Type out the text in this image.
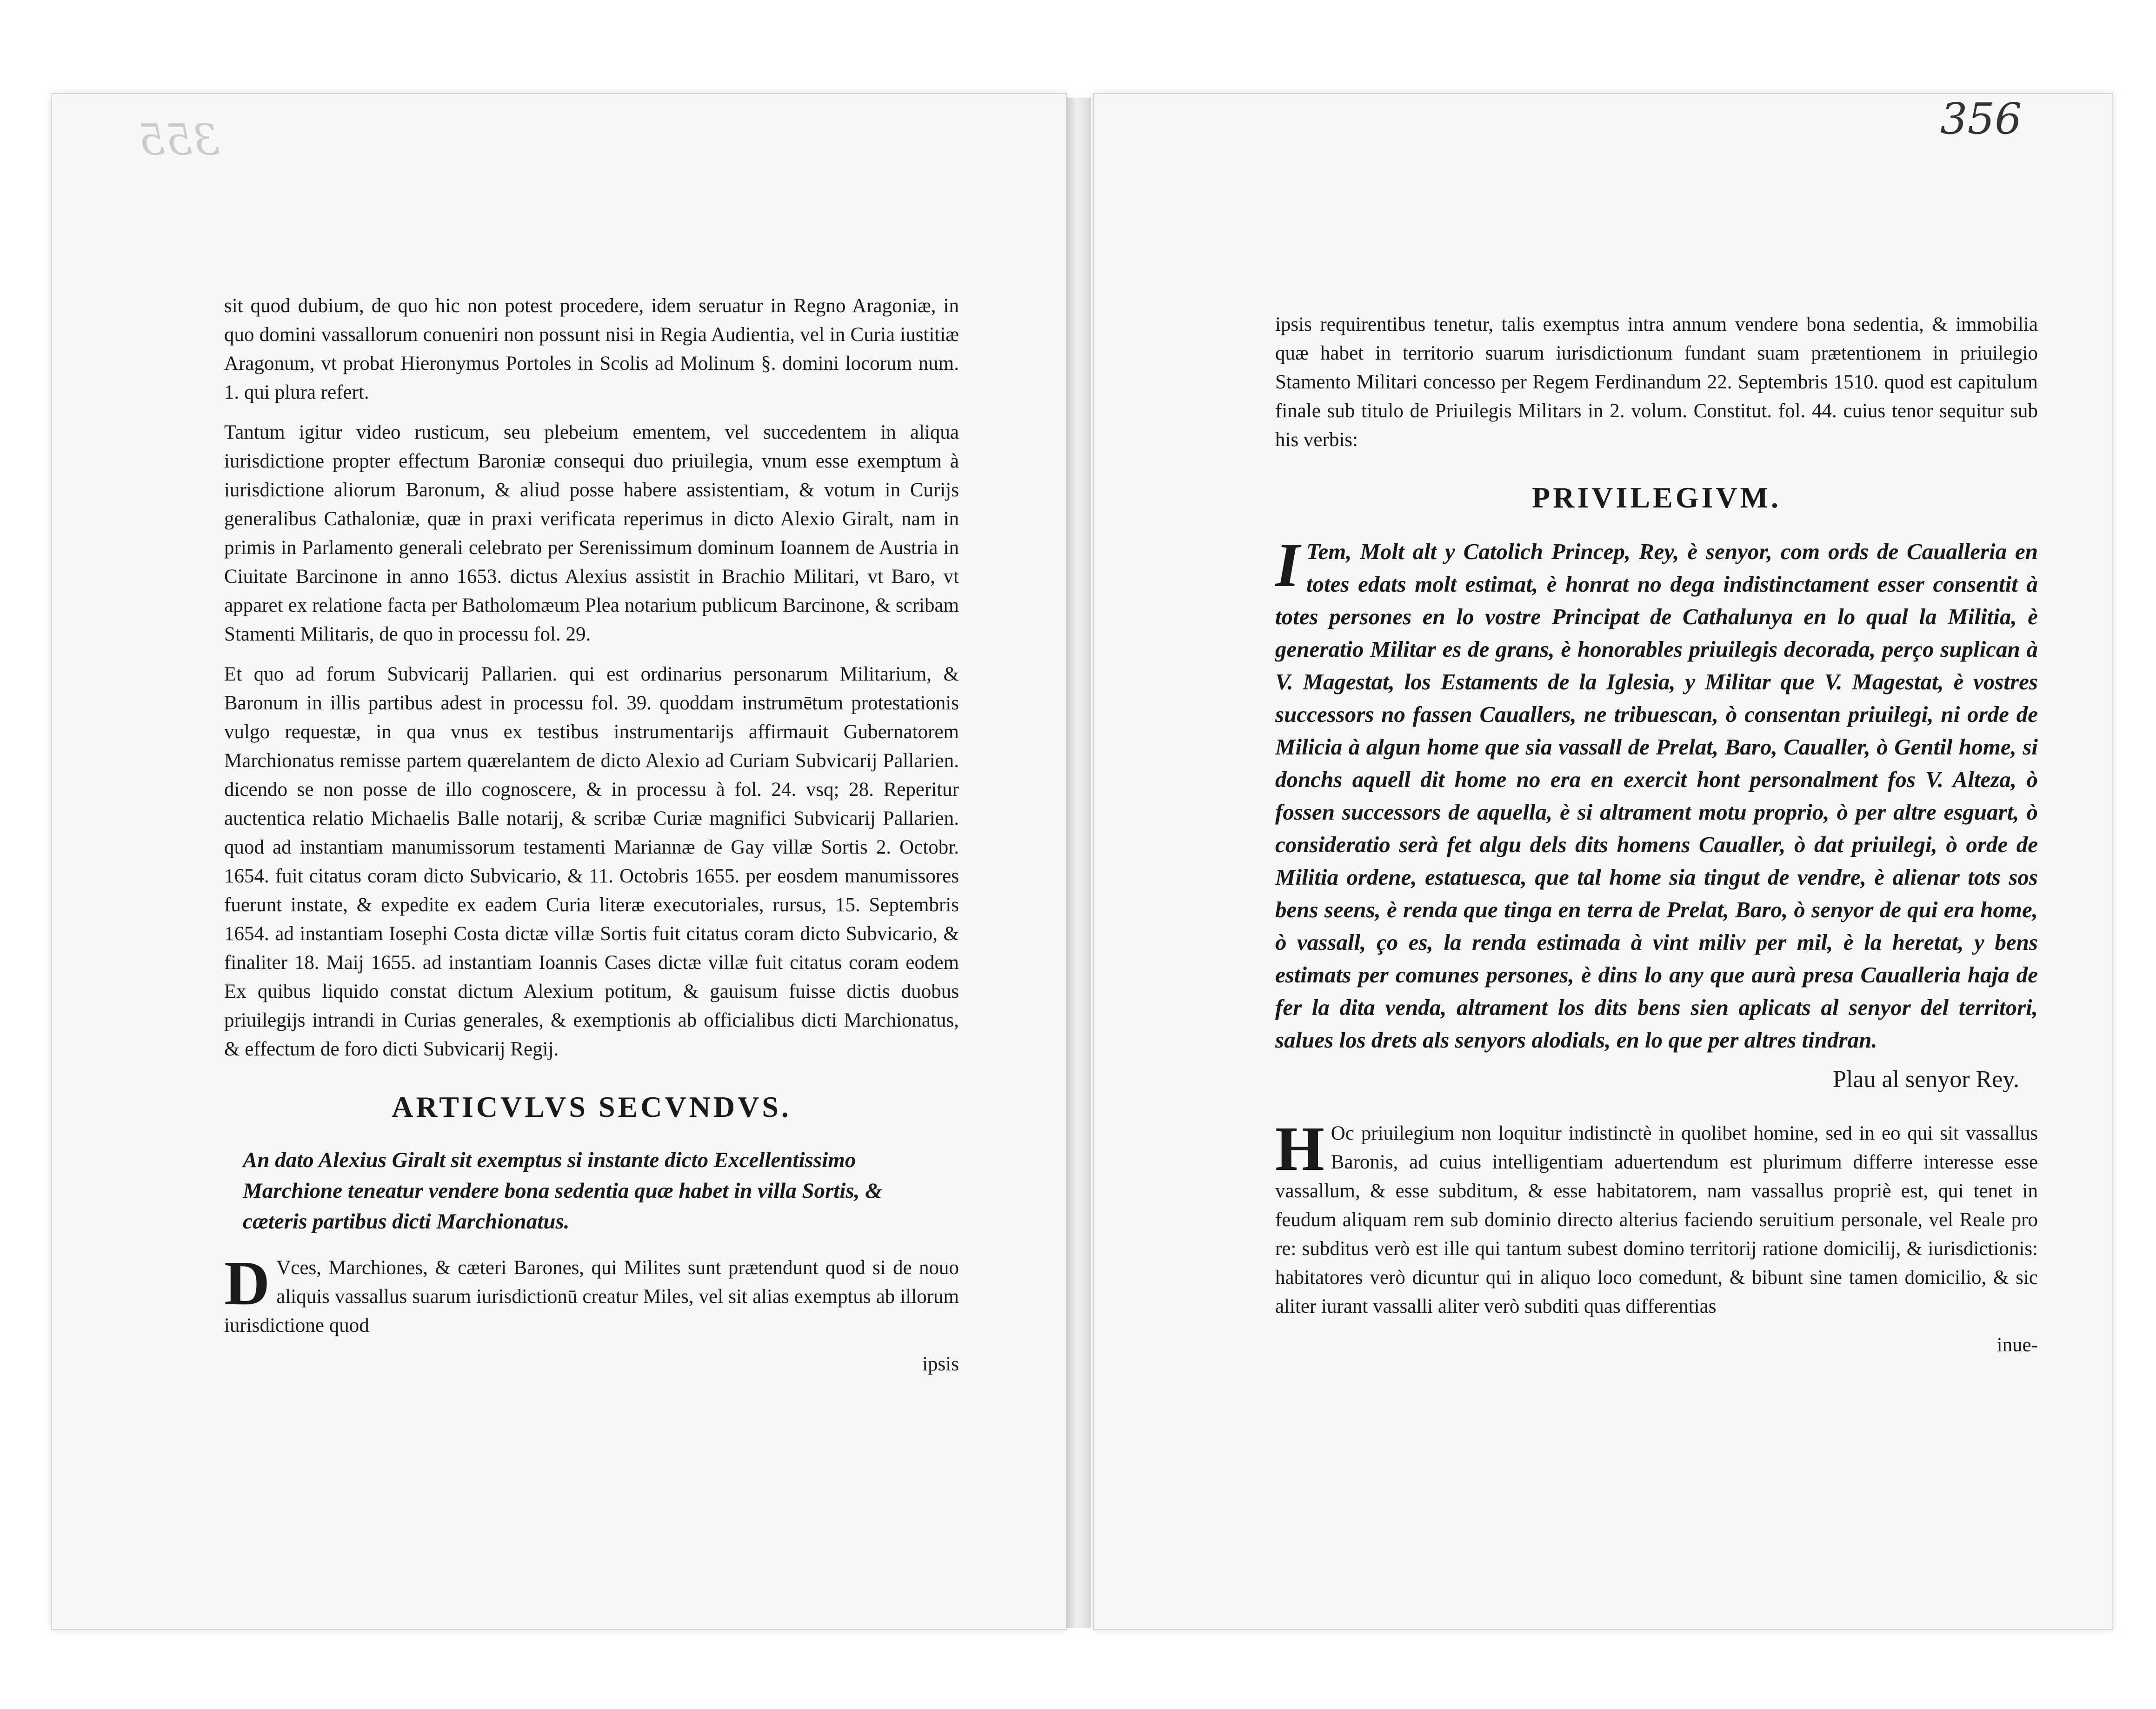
355

sit quod dubium, de quo hic non potest procedere, idem seruatur in Regno Aragoniæ, in quo domini vassallorum conueniri non possunt nisi in Regia Audientia, vel in Curia iustitiæ Aragonum, vt probat Hieronymus Portoles in Scolis ad Molinum §. domini locorum num. 1. qui plura refert.

Tantum igitur video rusticum, seu plebeium ementem, vel succedentem in aliqua iurisdictione propter effectum Baroniæ consequi duo priuilegia, vnum esse exemptum à iurisdictione aliorum Baronum, & aliud posse habere assistentiam, & votum in Curijs generalibus Cathaloniæ, quæ in praxi verificata reperimus in dicto Alexio Giralt, nam in primis in Parlamento generali celebrato per Serenissimum dominum Ioannem de Austria in Ciuitate Barcinone in anno 1653. dictus Alexius assistit in Brachio Militari, vt Baro, vt apparet ex relatione facta per Batholomæum Plea notarium publicum Barcinone, & scribam Stamenti Militaris, de quo in processu fol. 29.

Et quo ad forum Subvicarij Pallarien. qui est ordinarius personarum Militarium, & Baronum in illis partibus adest in processu fol. 39. quoddam instrumētum protestationis vulgo requestæ, in qua vnus ex testibus instrumentarijs affirmauit Gubernatorem Marchionatus remisse partem quærelantem de dicto Alexio ad Curiam Subvicarij Pallarien. dicendo se non posse de illo cognoscere, & in processu à fol. 24. vsq; 28. Reperitur auctentica relatio Michaelis Balle notarij, & scribæ Curiæ magnifici Subvicarij Pallarien. quod ad instantiam manumissorum testamenti Mariannæ de Gay villæ Sortis 2. Octobr. 1654. fuit citatus coram dicto Subvicario, & 11. Octobris 1655. per eosdem manumissores fuerunt instate, & expedite ex eadem Curia literæ executoriales, rursus, 15. Septembris 1654. ad instantiam Iosephi Costa dictæ villæ Sortis fuit citatus coram dicto Subvicario, & finaliter 18. Maij 1655. ad instantiam Ioannis Cases dictæ villæ fuit citatus coram eodem Ex quibus liquido constat dictum Alexium potitum, & gauisum fuisse dictis duobus priuilegijs intrandi in Curias generales, & exemptionis ab officialibus dicti Marchionatus, & effectum de foro dicti Subvicarij Regij.

ARTICVLVS SECVNDVS.
An dato Alexius Giralt sit exemptus si instante dicto Excellentissimo Marchione teneatur vendere bona sedentia quæ habet in villa Sortis, & cæteris partibus dicti Marchionatus.

D Vces, Marchiones, & cæteri Barones, qui Milites sunt prætendunt quod si de nouo aliquis vassallus suarum iurisdictionū creatur Miles, vel sit alias exemptus ab illorum iurisdictione quod

ipsis
356

ipsis requirentibus tenetur, talis exemptus intra annum vendere bona sedentia, & immobilia quæ habet in territorio suarum iurisdictionum fundant suam prætentionem in priuilegio Stamento Militari concesso per Regem Ferdinandum 22. Septembris 1510. quod est capitulum finale sub titulo de Priuilegis Militars in 2. volum. Constitut. fol. 44. cuius tenor sequitur sub his verbis:

PRIVILEGIVM.
I Tem, Molt alt y Catolich Princep, Rey, è senyor, com ords de Caualleria en totes edats molt estimat, è honrat no dega indistinctament esser consentit à totes persones en lo vostre Principat de Cathalunya en lo qual la Militia, è generatio Militar es de grans, è honorables priuilegis decorada, perço suplican à V. Magestat, los Estaments de la Iglesia, y Militar que V. Magestat, è vostres successors no fassen Cauallers, ne tribuescan, ò consentan priuilegi, ni orde de Milicia à algun home que sia vassall de Prelat, Baro, Caualler, ò Gentil home, si donchs aquell dit home no era en exercit hont personalment fos V. Alteza, ò fossen successors de aquella, è si altrament motu proprio, ò per altre esguart, ò consideratio serà fet algu dels dits homens Caualler, ò dat priuilegi, ò orde de Militia ordene, estatuesca, que tal home sia tingut de vendre, è alienar tots sos bens seens, è renda que tinga en terra de Prelat, Baro, ò senyor de qui era home, ò vassall, ço es, la renda estimada à vint miliv per mil, è la heretat, y bens estimats per comunes persones, è dins lo any que aurà presa Caualleria haja de fer la dita venda, altrament los dits bens sien aplicats al senyor del territori, salues los drets als senyors alodials, en lo que per altres tindran.
Plau al senyor Rey.

H Oc priuilegium non loquitur indistinctè in quolibet homine, sed in eo qui sit vassallus Baronis, ad cuius intelligentiam aduertendum est plurimum differre interesse esse vassallum, & esse subditum, & esse habitatorem, nam vassallus propriè est, qui tenet in feudum aliquam rem sub dominio directo alterius faciendo seruitium personale, vel Reale pro re: subditus verò est ille qui tantum subest domino territorij ratione domicilij, & iurisdictionis: habitatores verò dicuntur qui in aliquo loco comedunt, & bibunt sine tamen domicilio, & sic aliter iurant vassalli aliter verò subditi quas differentias

inue-
